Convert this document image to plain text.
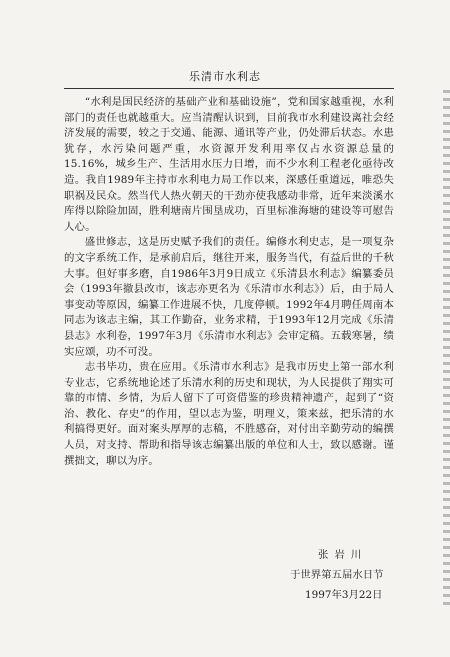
乐清市水利志

“水利是国民经济的基础产业和基础设施”，党和国家越重视，水利部门的责任也就越重大。应当清醒认识到，目前我市水利建设离社会经济发展的需要，较之于交通、能源、通讯等产业，仍处滞后状态。水患犹存，水污染问题严重，水资源开发利用率仅占水资源总量的15.16%，城乡生产、生活用水压力日增，而不少水利工程老化亟待改造。我自1989年主持市水利电力局工作以来，深感任重道远，唯恐失职祸及民众。然当代人热火朝天的干劲亦使我感动非常，近年来淡溪水库得以除险加固，胜利塘南片围垦成功，百里标准海塘的建设等可慰告人心。

盛世修志，这是历史赋予我们的责任。编修水利史志，是一项复杂的文字系统工作，是承前启后，继往开来，服务当代，有益后世的千秋大事。但好事多磨，自1986年3月9日成立《乐清县水利志》编纂委员会（1993年撤县改市，该志亦更名为《乐清市水利志》）后，由于局人事变动等原因，编纂工作进展不快，几度停顿。1992年4月聘任周南本同志为该志主编，其工作勤奋，业务求精，于1993年12月完成《乐清县志》水利卷，1997年3月《乐清市水利志》会审定稿。五载寒暑，绩实应颂，功不可没。

志书毕功，贵在应用。《乐清市水利志》是我市历史上第一部水利专业志，它系统地论述了乐清水利的历史和现状，为人民提供了翔实可靠的市情、乡情，为后人留下了可资借鉴的珍贵精神遗产，起到了“资治、教化、存史”的作用，望以志为鉴，明理义，策来兹，把乐清的水利搞得更好。面对案头厚厚的志稿，不胜感奋，对付出辛勤劳动的编撰人员，对支持、帮助和指导该志编纂出版的单位和人士，致以感谢。谨撰拙文，聊以为序。

张岩川
于世界第五届水日节
1997年3月22日
